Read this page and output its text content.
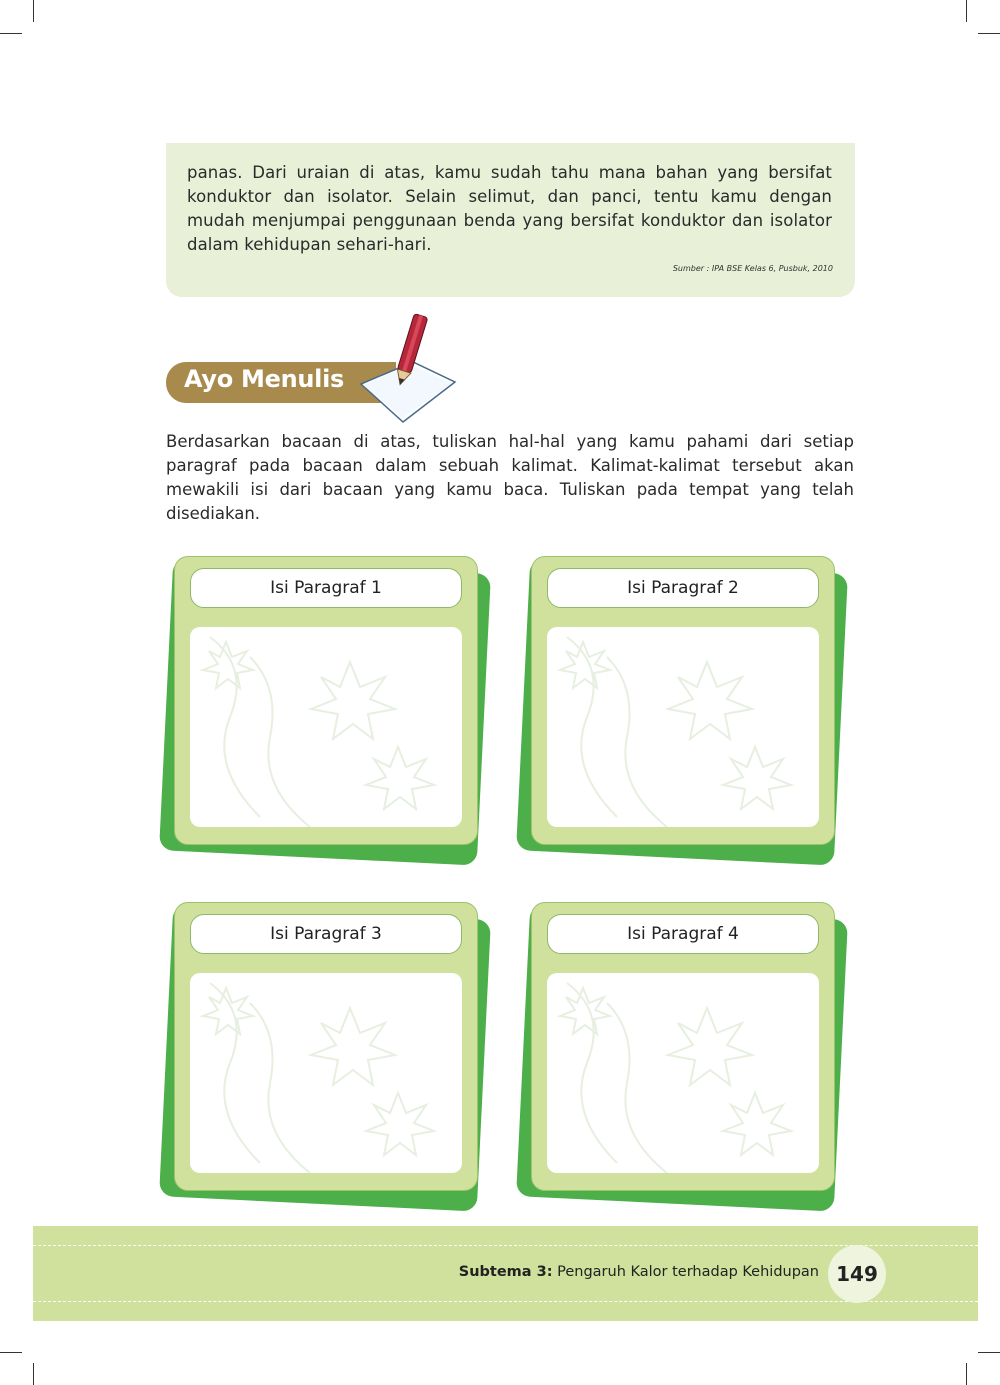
panas. Dari uraian di atas, kamu sudah tahu mana bahan yang bersifat konduktor dan isolator. Selain selimut, dan panci, tentu kamu dengan mudah menjumpai penggunaan benda yang bersifat konduktor dan isolator dalam kehidupan sehari-hari.
Sumber : IPA BSE Kelas 6, Pusbuk, 2010
Ayo Menulis
Berdasarkan bacaan di atas, tuliskan hal-hal yang kamu pahami dari setiap paragraf pada bacaan dalam sebuah kalimat. Kalimat-kalimat tersebut akan mewakili isi dari bacaan yang kamu baca. Tuliskan pada tempat yang telah disediakan.
Isi Paragraf 1	Isi Paragraf 2
Isi Paragraf 3	Isi Paragraf 4
Subtema 3: Pengaruh Kalor terhadap Kehidupan 149
